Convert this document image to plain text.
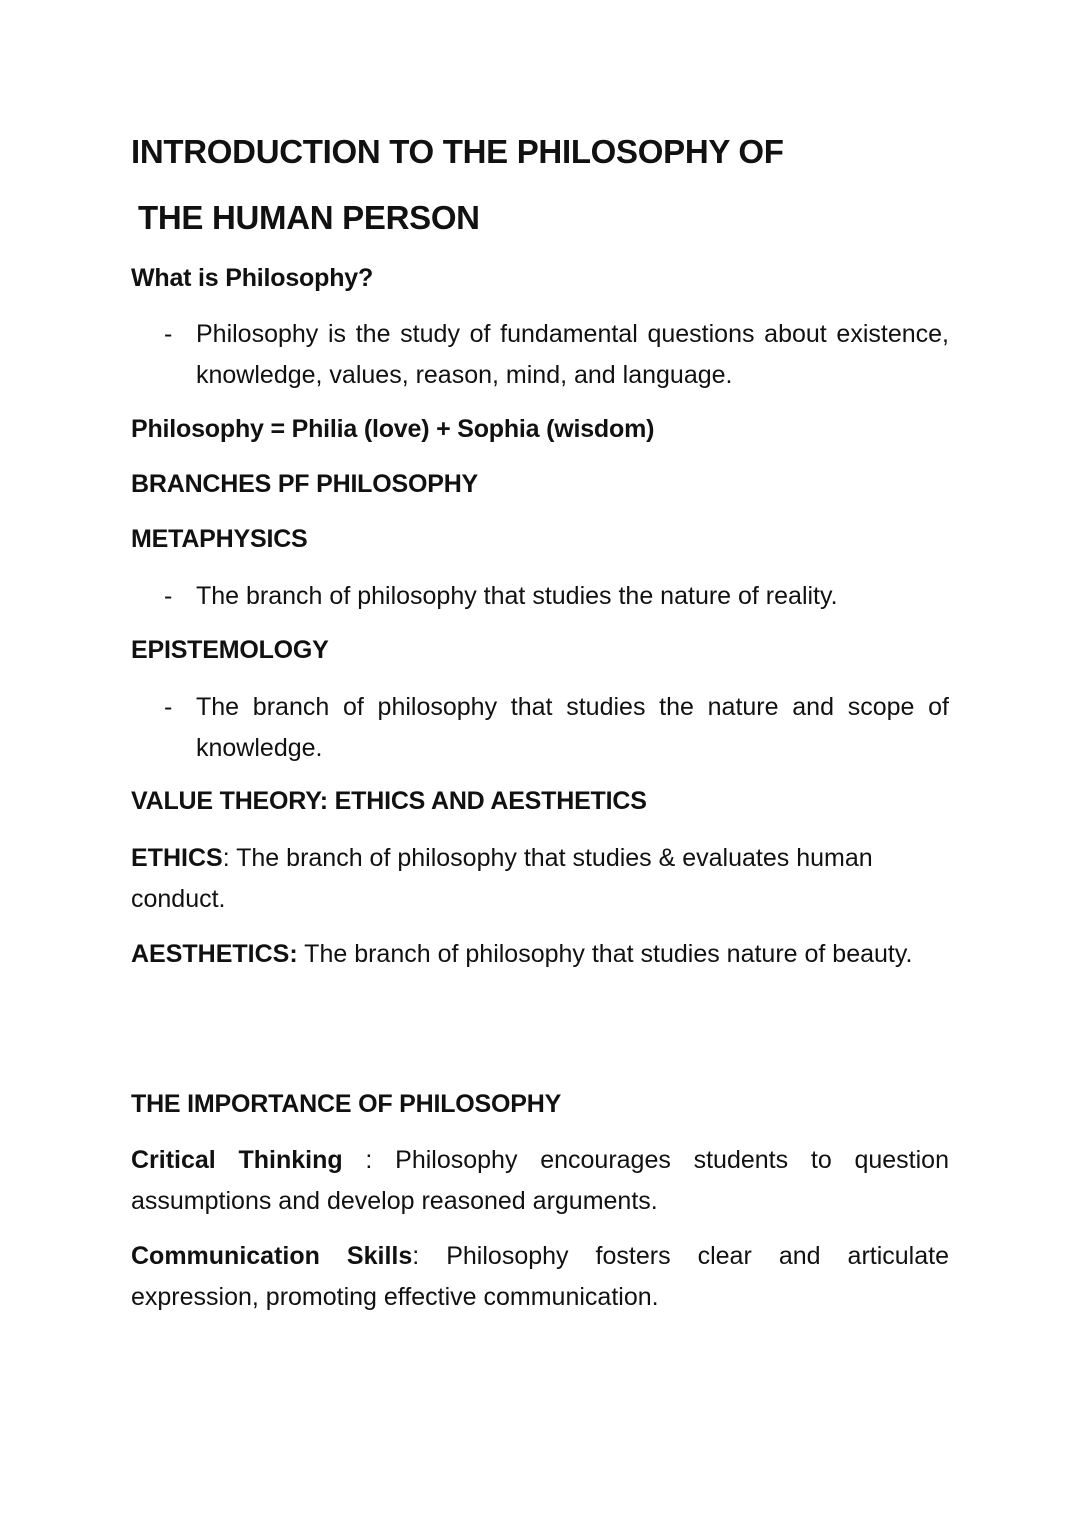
INTRODUCTION TO THE PHILOSOPHY OF
THE HUMAN PERSON
What is Philosophy?
- Philosophy is the study of fundamental questions about existence, knowledge, values, reason, mind, and language.

Philosophy = Philia (love) + Sophia (wisdom)

BRANCHES PF PHILOSOPHY
METAPHYSICS
- The branch of philosophy that studies the nature of reality.
EPISTEMOLOGY
- The branch of philosophy that studies the nature and scope of knowledge.
VALUE THEORY: ETHICS AND AESTHETICS

ETHICS: The branch of philosophy that studies & evaluates human conduct.

AESTHETICS: The branch of philosophy that studies nature of beauty.

THE IMPORTANCE OF PHILOSOPHY

Critical Thinking : Philosophy encourages students to question assumptions and develop reasoned arguments.

Communication Skills: Philosophy fosters clear and articulate expression, promoting effective communication.
